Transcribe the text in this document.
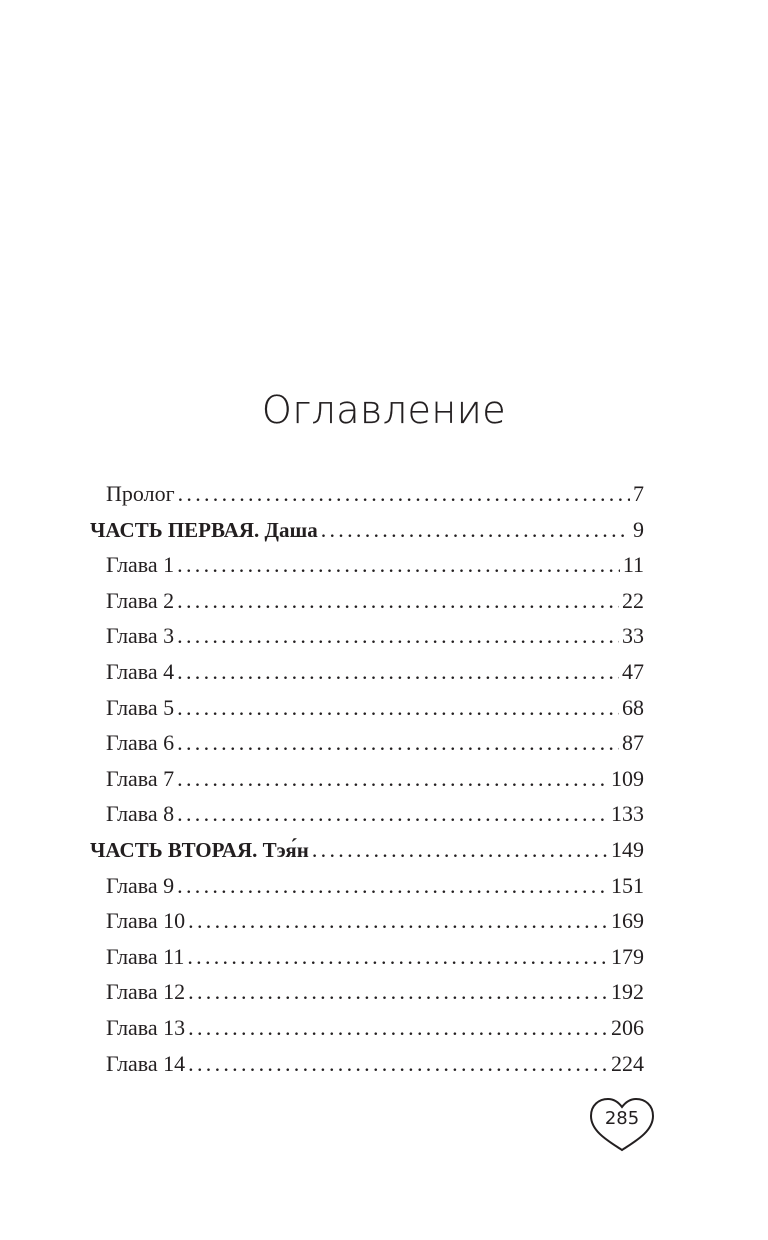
Оглавление
Пролог . . .	7
ЧАСТЬ ПЕРВАЯ. Даша . . .	9
Глава 1 . . .	11
Глава 2 . . .	22
Глава 3 . . .	33
Глава 4 . . .	47
Глава 5 . . .	68
Глава 6 . . .	87
Глава 7 . . .	109
Глава 8 . . .	133
ЧАСТЬ ВТОРАЯ. Тэя́н . . .	149
Глава 9 . . .	151
Глава 10 . . .	169
Глава 11 . . .	179
Глава 12 . . .	192
Глава 13 . . .	206
Глава 14 . . .	224
285
